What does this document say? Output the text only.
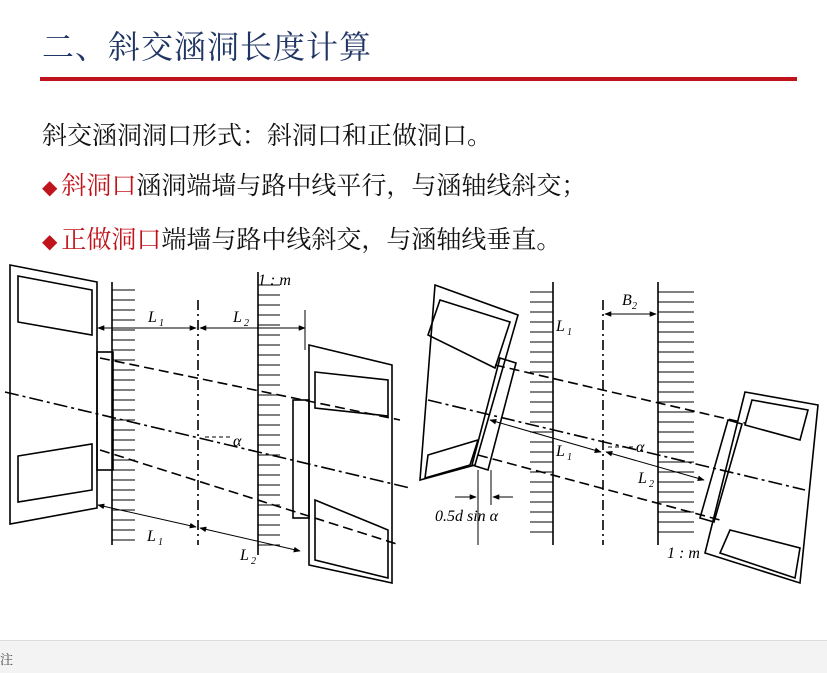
二、斜交涵洞长度计算
斜交涵洞洞口形式：斜洞口和正做洞口。
◆ 斜洞口涵洞端墙与路中线平行，与涵轴线斜交；
◆ 正做洞口端墙与路中线斜交，与涵轴线垂直。
1 : m
L 1	L 2
α
L 1
L 2
B 2
L 1
L 1
α
L 2
0.5d sin α
1 : m
注
